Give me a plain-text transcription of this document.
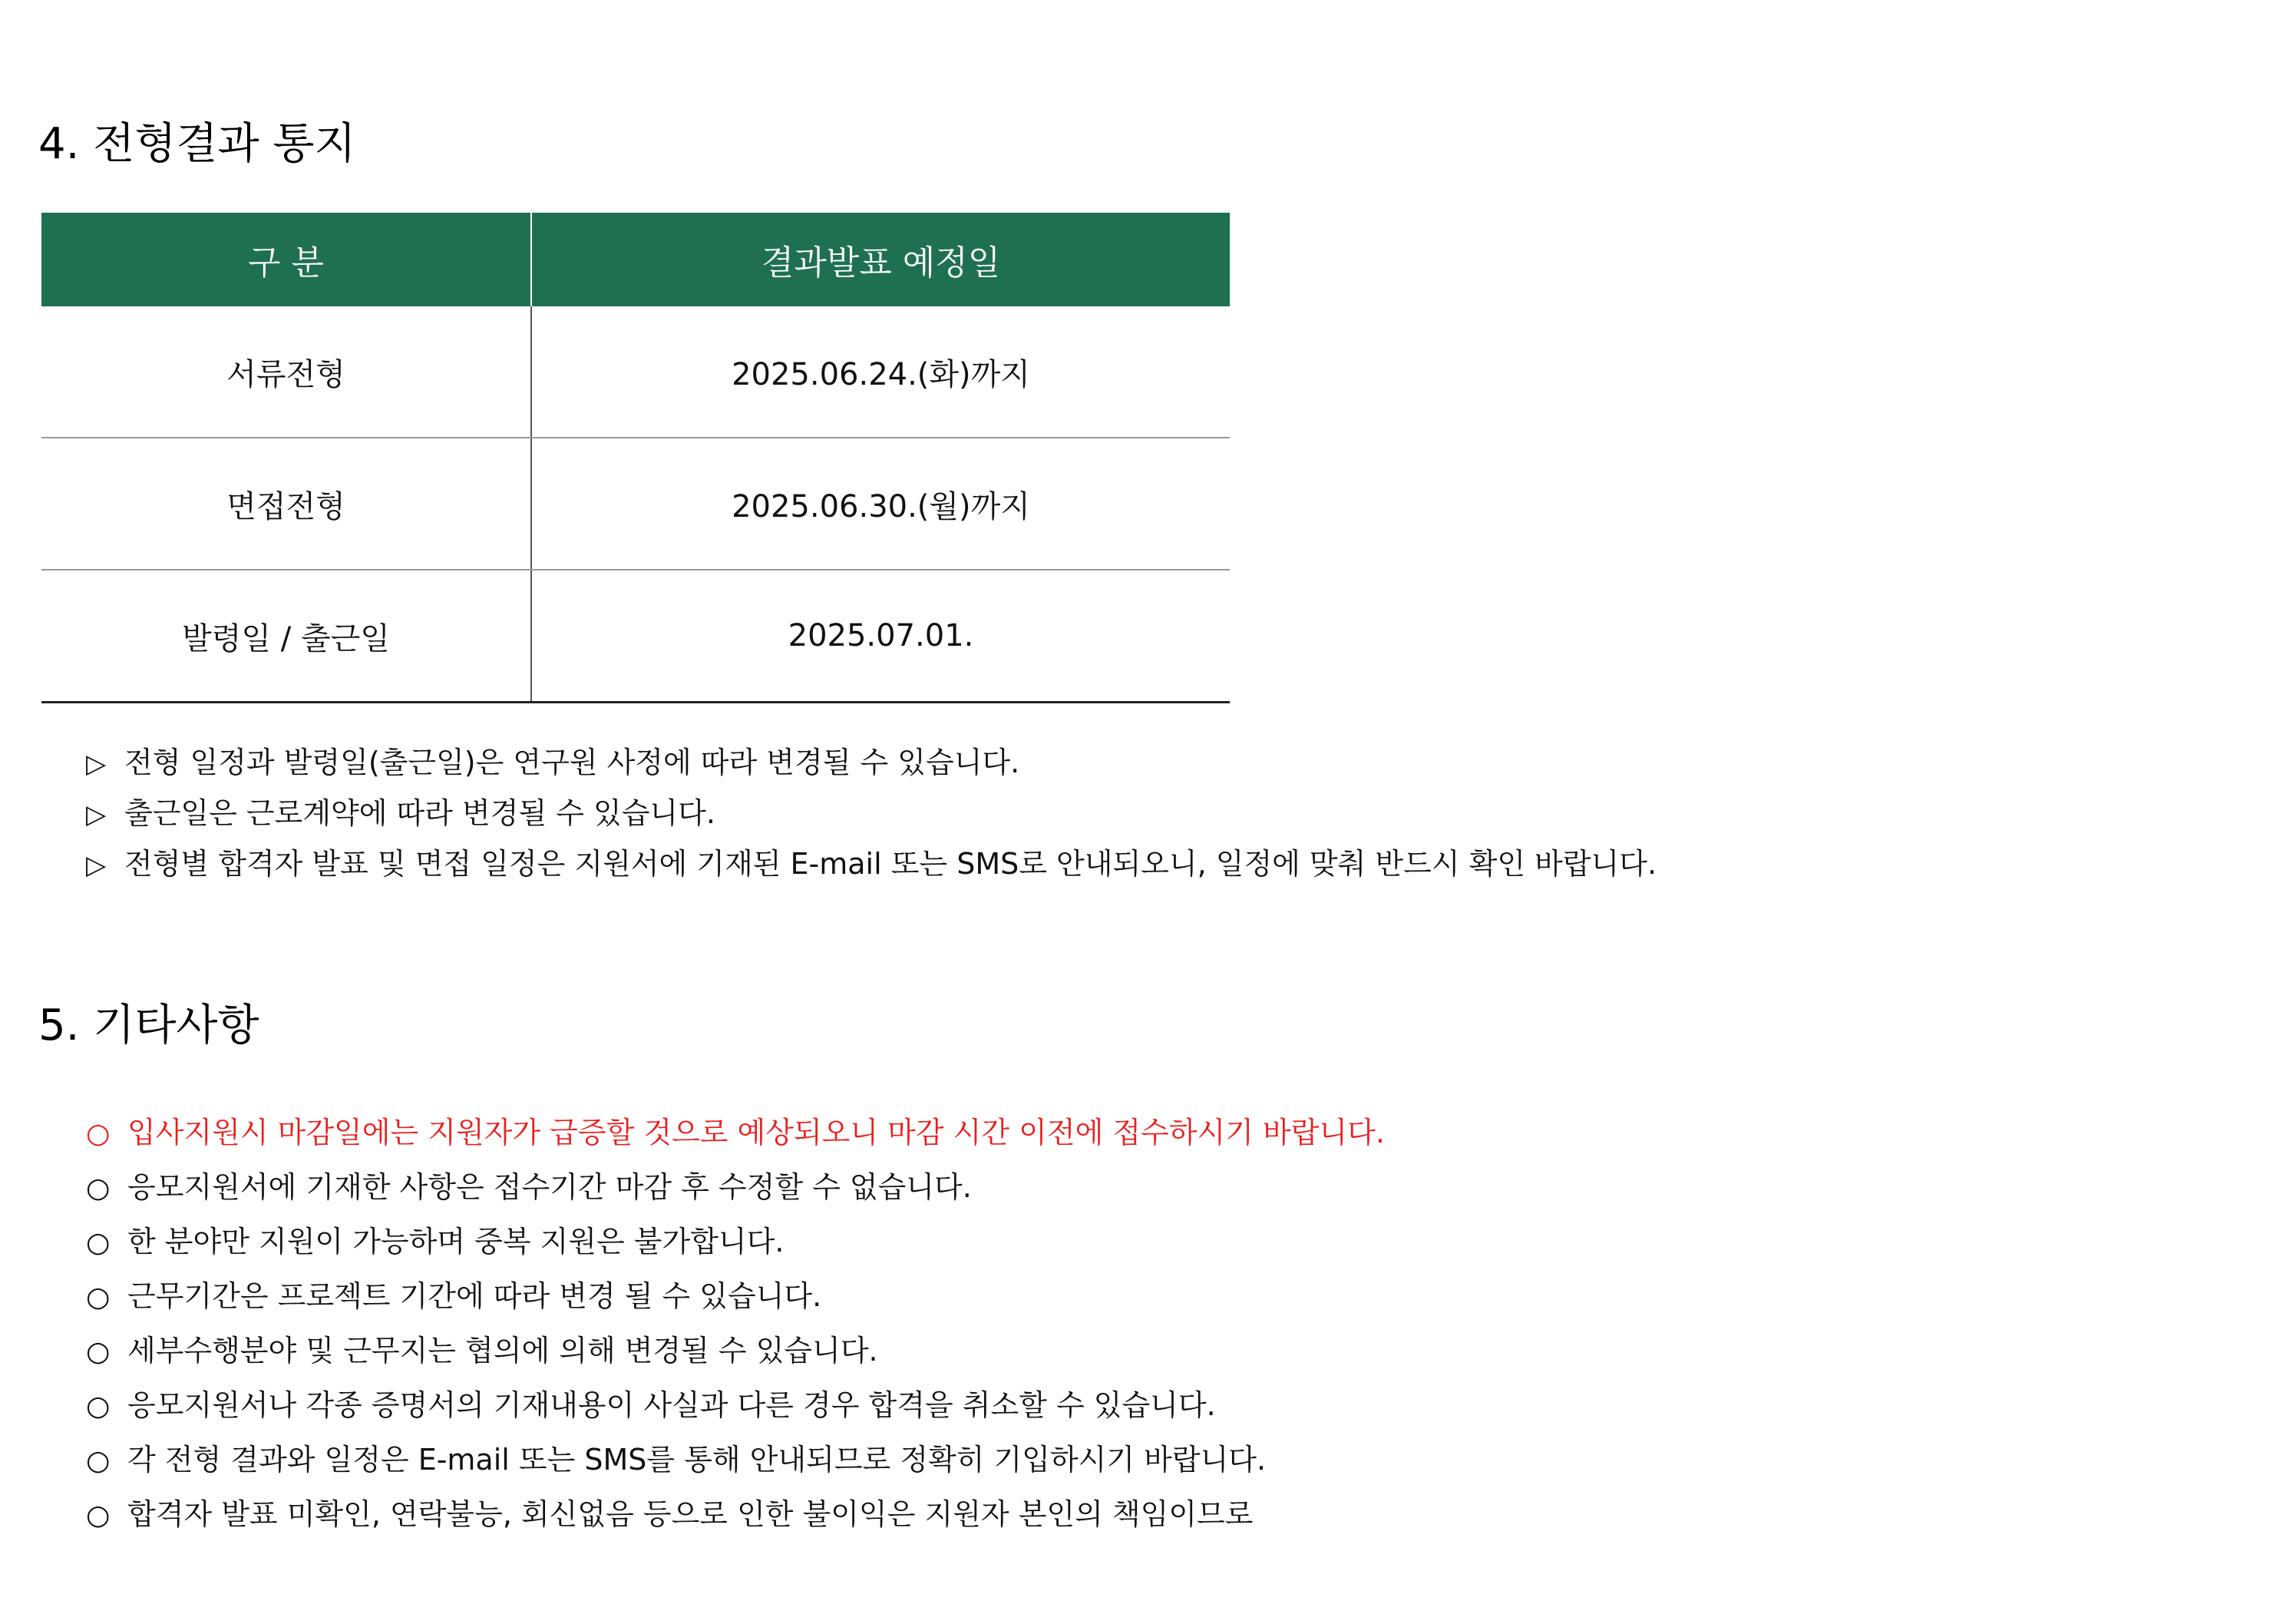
4. 전형결과 통지
구 분	결과발표 예정일
서류전형	2025.06.24.(화)까지
면접전형	2025.06.30.(월)까지
발령일 / 출근일	2025.07.01.
▷ 전형 일정과 발령일(출근일)은 연구원 사정에 따라 변경될 수 있습니다.
▷ 출근일은 근로계약에 따라 변경될 수 있습니다.
▷ 전형별 합격자 발표 및 면접 일정은 지원서에 기재된 E-mail 또는 SMS로 안내되오니, 일정에 맞춰 반드시 확인 바랍니다.
5. 기타사항
○ 입사지원시 마감일에는 지원자가 급증할 것으로 예상되오니 마감 시간 이전에 접수하시기 바랍니다.
○ 응모지원서에 기재한 사항은 접수기간 마감 후 수정할 수 없습니다.
○ 한 분야만 지원이 가능하며 중복 지원은 불가합니다.
○ 근무기간은 프로젝트 기간에 따라 변경 될 수 있습니다.
○ 세부수행분야 및 근무지는 협의에 의해 변경될 수 있습니다.
○ 응모지원서나 각종 증명서의 기재내용이 사실과 다른 경우 합격을 취소할 수 있습니다.
○ 각 전형 결과와 일정은 E-mail 또는 SMS를 통해 안내되므로 정확히 기입하시기 바랍니다.
○ 합격자 발표 미확인, 연락불능, 회신없음 등으로 인한 불이익은 지원자 본인의 책임이므로
